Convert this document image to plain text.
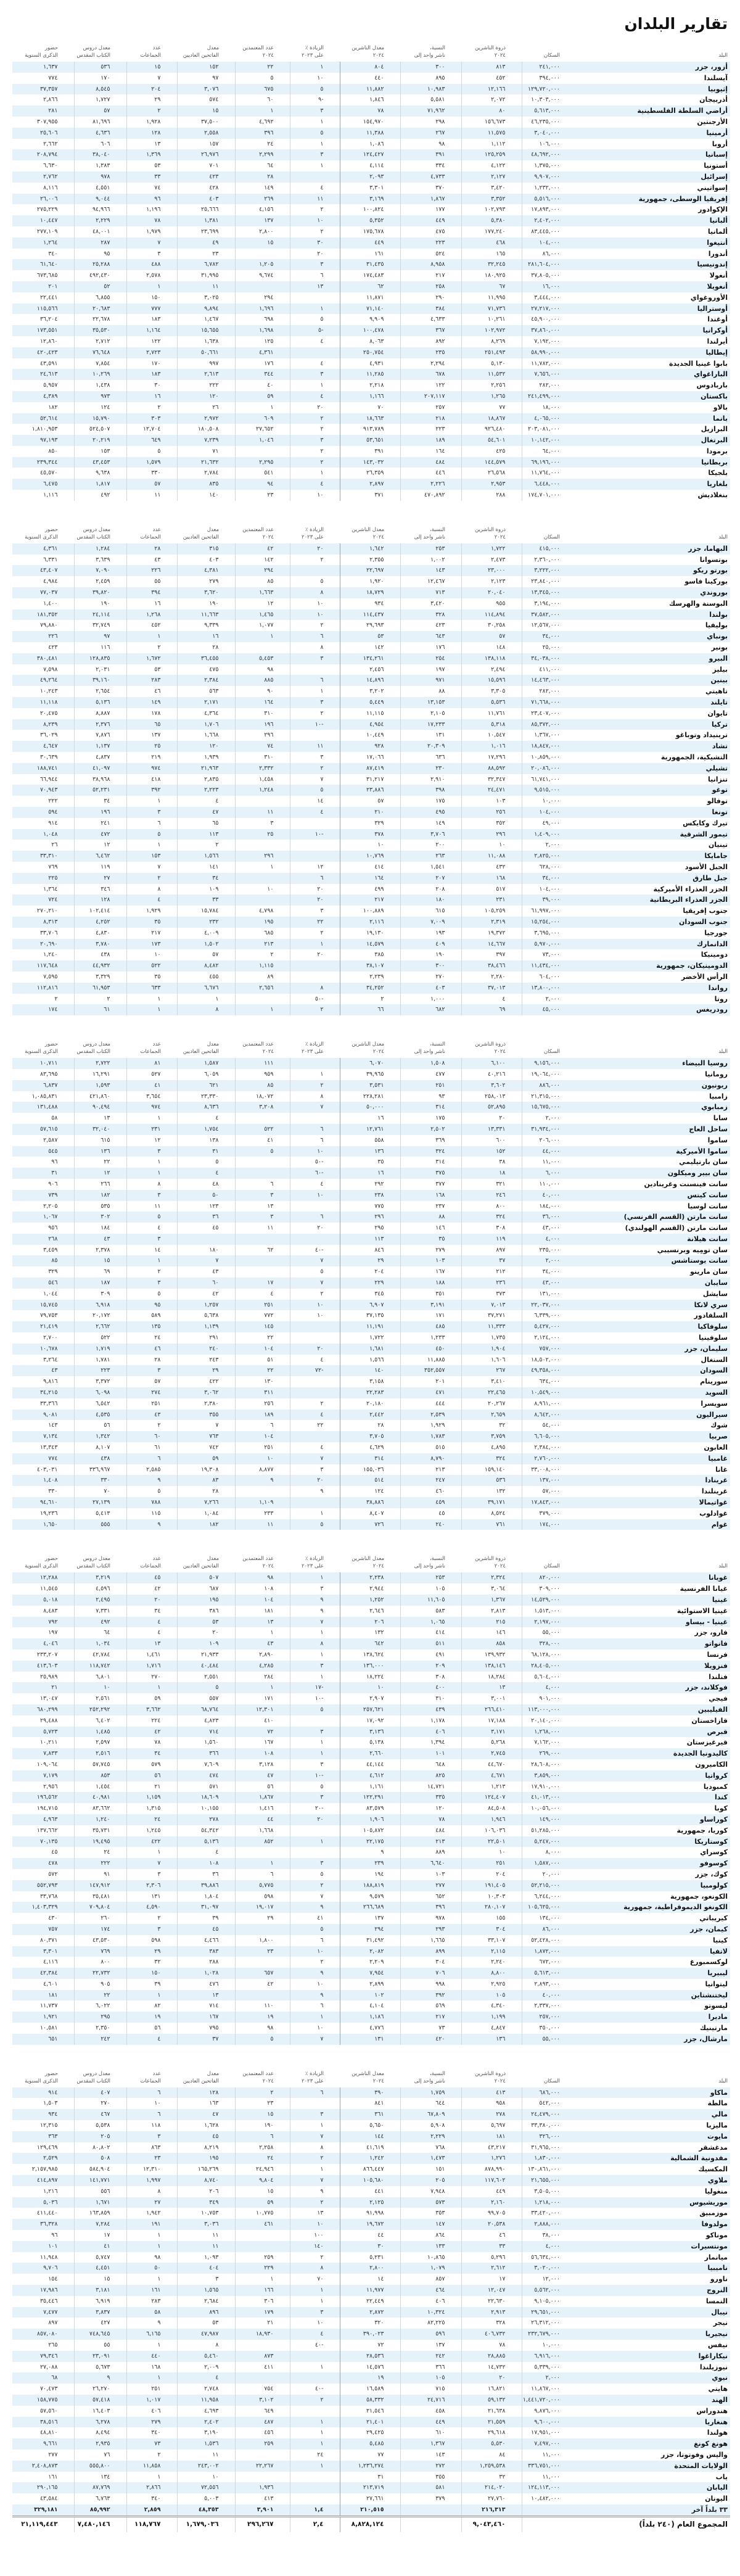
تقارير البلدان
البلد	السكان	ذروة الناشرين
٢٠٢٤	النسبة،
ناشر واحد إلى	معدل الناشرين
٢٠٢٤	الزيادة ٪
على ٢٠٢٣	عدد المعتمدين
٢٠٢٤	معدل
الفاتحين العاديين	عدد
الجماعات	معدل دروس
الكتاب المقدس	حضور
الذكرى السنوية
أزور، جزر	٢٤١,٠٠٠	٨١٣	٣٠٠	٨٠٤	١	٢٢	١٥٢	١٥	٥٣٦	١,٦٣٧
آيسلندا	٣٩٤,٠٠٠	٤٥٢	٨٩٥	٤٤٠	١٠	٥	٩٧	٧	١٧٠	٧٧٤
إثيوبيا	١٢٩,٧٢٠,٠٠٠	١٢,١٦٦	١٠,٩٨٣	١١,٨٨٢	٥	٦٧٥	٣,٠٧٦	٢٠٤	٨,٥٤٥	٣٧,٣٥٧
أذربيجان	١٠,٣٠٣,٠٠٠	٢,٠٧٢	٥,٥٨١	١,٨٤٦	-٩	٦٠	٥٧٤	٢٩	١,٧٢٧	٢,٨٦٦
أراضي السلطة الفلسطينية	٥,٦١٣,٠٠٠	٨٠	٧١,٩٦٢	٧٨	٣	١	١٥	٢	٥٧	٢٨١
الأرجنتين	٤٦,٢٣٥,٠٠٠	١٥٦,٦٧٣	٢٩٨	١٥٤,٩٧٠	١	٤,٦٩٢	٣٧,٥٠٠	١,٩٢٨	٨١,٦٩٦	٣٠٧,٩٥٥
أرمينيا	٣,٠٤٠,٠٠٠	١١,٥٧٥	٢٦٧	١١,٣٨٨	٥	٣٩٦	٢,٥٥٨	١٢٨	٤,٦٣٦	٢٥,٦٠٦
أروبا	١٠٦,٠٠٠	١,١١٢	٩٨	١,٠٨٦	١	٢٤	١٥٧	١٣	٦٠٦	٢,٦٦٢
إسبانيا	٤٨,٦٩٢,٠٠٠	١٢٥,٢٥٩	٣٩١	١٢٤,٤٢٧	٣	٢,٢٩٩	٢٦,٩٧٦	١,٣٦٩	٣٨,٠٤٠	٢٠٨,٧٩٤
أستونيا	١,٣٧٥,٠٠٠	٤,١٢٢	٣٣٤	٤,١١٤	١	٦٤	٧٠١	٥٣	١,٣٨٣	٦,٦٣٠
إسرائيل	٩,٩٠٧,٠٠٠	٢,١٢٧	٤,٧٣٣	٢,٠٩٣		٢٨	٤٢٣	٣٣	٩٧٨	٢,٧٦٢
إسواتيني	١,٢٣٢,٠٠٠	٣,٤٢٠	٣٧٠	٣,٣٠١	٤	١٤٩	٤٢٨	٧٤	٤,٥٥١	٨,١١٦
إفريقيا الوسطى، جمهورية	٥,٥١٦,٠٠٠	٣,٣٥٢	١,٨٦٧	٣,١٦٩	١١	٢٦٩	٤٠٣	٩٦	٩,٠٤٤	٢٦,٠٠٦
الإكوادور	١٧,٨٩٣,٠٠٠	١٠٢,٧٩٣	١٧٧	١٠٠,٨٢٤	٢	٤,١٥٦	٢٥,٦٦٦	١,١٩٦	٩٤,٩٦٦	٢٧٥,٢٢٩
ألبانيا	٢,٤٠٢,٠٠٠	٥,٣٨٠	٤٤٩	٥,٣٥٢	١٠	١٣٧	١,٣٨١	٧٨	٢,٢٢٩	١٠,٤٤٧
ألمانيا	٨٣,٤٤٥,٠٠٠	١٧٧,٢٤٠	٤٧٥	١٧٥,٦٧٨	٢	٢,٨٠٠	٢٣,٦٩٩	١,٩٧٩	٤٨,٠٠١	٢٧٧,١٠٩
أنتيغوا	١٠٤,٠٠٠	٤٦٨	٢٢٣	٤٤٩	٣٠	١٥	٤٩	٧	٢٨٧	١,٢٦٤
أندورا	٨٦,٠٠٠	١٦٥	٥٢٤	١٦١	٢٠		٢٣	٣	٩٥	٣٤٠
إندونيسيا	٢٨١,٦٠٤,٠٠٠	٣٢,٢٤٥	٨,٩٥٨	٣١,٤٣٥	٣	١,٢٠٥	٦,٧٨٢	٤٨٨	٢٥,٢٨٨	٦١,٦٤٠
أنغولا	٣٧,٨٠٥,٠٠٠	١٨٠,٩٢٥	٢١٧	١٧٤,٤٨٣	٦	٩,٦٧٤	٣١,٩٩٥	٢,٥٧٨	٤٩٢,٤٣٠	٦٧٣,٦٨٥
أنغويلا	١٦,٠٠٠	٦٧	٢٥٨	٦٢	١٣		١١	١	٥٢	٢٠١
الأوروغواي	٣,٤٤٤,٠٠٠	١١,٩٩٥	٢٩٠	١١,٨٧١		٢٩٤	٣,٠٢٥	١٥٠	٦,٨٥٥	٢٢,٤٤١
أوستراليا	٢٧,٢١٧,٠٠٠	٧١,٧٣٦	٣٨٤	٧١,١٤٠	١	١,٦٩٦	٩,٨٩٤	٧٧٧	٢٠,٦٨٣	١١٥,٥٦٦
أوغندا	٤٥,٩٠٠,٠٠٠	١٠,٢٦١	٤,٦٣٣	٩,٩٠٩	٥	٦٩٨	١,٤٦٧	١٨٣	٢٢,٦٧٨	٣٦,٢٠٤
أوكرانيا	٣٧,٨٦٠,٠٠٠	١٠٢,٩٧٢	٣٦٧	١٠٠,٤٧٨	-٥	١,٦٩٨	١٥,٦٥٥	١,١٦٤	٣٥,٥٣٠	١٧٣,٥٥١
أيرلندا	٧,١٩٢,٠٠٠	٨,٢٦٩	٨٩٢	٨,٠٦٣	٤	١٢٥	١,٦٣٨	١٢٢	٢,٧١٢	١٢,٨٦٠
إيطاليا	٥٨,٩٩٠,٠٠٠	٢٥١,٤٩٣	٢٣٥	٢٥٠,٧٥٤		٤,٣٦١	٥٠,٦٦١	٢,٧٢٣	٧٦,٦٤٨	٤٢٠,٤٢٣
بابوا غينيا الجديدة	١١,٧٨٢,٠٠٠	٥,١٣٠	٢,٢٩٤	٤,٩٣١	٤	١٧٦	٩٩٧	١٧٠	٧,٨٥٤	٤٣,٥٩١
الباراغواي	٧,٦٥٦,٠٠٠	١١,٥٣٢	٦٧٨	١١,٢٨٥	٣	٣٤٤	٢,٦١٣	١٨٣	١٠,٢٦٩	٢٤,٦١٣
باربادوس	٢٨٢,٠٠٠	٢,٢٥٦	١٢٢	٢,٢١٨	١	٤٠	٢٢٢	٣٠	١,٤٣٨	٥,٩٥٧
باكستان	٢٤١,٤٩٩,٠٠٠	١,٢٦٥	٢٠٧,١١٧	١,١٦٦	٤	٥٩	١٢٠	١٦	٩٧٣	٤,٣٨٩
بالاو	١٨,٠٠٠	٧٧	٢٥٧	٧٠	٢٠	١	٢٦	٢	١٢٤	١٨٢
بانما	٤,٠٦٥,٠٠٠	١٨,٨٦٧	٢١٨	١٨,٦٦٣	٢	٦٠٩	٢,٩٧٢	٣٠٣	١٥,٧٩٠	٥٢,٦١٤
البرازيل	٢٠٣,٠٨١,٠٠٠	٩٢٦,٤٨٠	٢٢٣	٩١٣,٧٨٩	٢	٢٧,٦٥٢	١٨٠,٥٠٨	١٢,٧٠٤	٥٢٤,٥٠٧	١,٨١٠,٩٥٣
البرتغال	١٠,١٤٢,٠٠٠	٥٤,٦٠١	١٨٩	٥٣,٦٥١	٣	١,٠٤٦	٧,٢٣٩	٦٤٩	٢٠,٢١٩	٩٧,١٩٣
برمودا	٦٤,٠٠٠	٤٢٥	١٦٤	٣٩١	٢		٧١	٥	١٥٣	٨٥٠
بريطانيا	٦٩,١٩٦,٠٠٠	١٤٤,٥٧٩	٤٨٤	١٤٣,٠٣٢	٢	٢,٢٩٥	٢١,٦٣٢	١,٥٧٩	٤٣,٤٥٣	٢٣٩,٣٤٤
بلجيكا	١١,٧٦٤,٠٠٠	٢٦,٥٦٨	٤٤٦	٢٦,٣٥٩	١	٥٤١	٢,٧٨٤	٣٣٠	٩,٦٣٨	٤٥,٥٧٠
بلغاريا	٦,٤٤٨,٠٠٠	٢,٩٥٣	٢,٢٢٦	٢,٨٩٧	٤	٩٤	٨٣٥	٥٧	١,٨١٧	٦,٤٧٥
بنغلاديش	١٧٤,٧٠١,٠٠٠	٢٨٨	٤٧٠,٨٩٢	٣٧١	١٠	٢٣	١٤٠	١١	٤٩٢	١,١١٦
البلد	السكان	ذروة الناشرين
٢٠٢٤	النسبة،
ناشر واحد إلى	معدل الناشرين
٢٠٢٤	الزيادة ٪
على ٢٠٢٣	عدد المعتمدين
٢٠٢٤	معدل
الفاتحين العاديين	عدد
الجماعات	معدل دروس
الكتاب المقدس	حضور
الذكرى السنوية
البهاما، جزر	٤١٥,٠٠٠	١,٧٢٢	٢٥٣	١,٦٤٢	٢٠	٤٢	٣١٥	٢٨	١,٢٨٤	٤,٣٦١
بوتسوانا	٢,٣٦٠,٠٠٠	٢,٤٧٣	١,٠٠٢	٢,٣٥٥	٢	١٤٢	٤٠٣	٤٣	٣,٦٣٩	٦,٣٣١
بورتو ريكو	٣,٢٢٢,٠٠٠	٢٣,٠٠٠	١٤٣	٢٢,٦٩٧		٢٩٤	٤,٣٨١	٢٢٦	٧,٠٩٠	٤٣,٤٠٧
بوركينا فاسو	٢٣,٨٤٠,٠٠٠	٢,١٢٣	١٢,٤٦٧	١,٩٢٠	٥	٨٥	٢٧٩	٥٥	٢,٤٥٩	٤,٩٨٤
بوروندي	١٣,٣٤٥,٠٠٠	٢٠,٠٤٠	٧١٣	١٨,٧٢٩	٨	١,٦٦٣	٣,٦٢٠	٣٩٤	٣٩,٨٢٠	٧٧,٠٣٧
البوسنة والهرسك	٣,١٩٤,٠٠٠	٩٥٥	٣,٤٢٠	٩٣٤	١٠	١٢	١٩٠	١٦	١٩٠	١,٤٠٠
بولندا	٣٧,٥٨٢,٠٠٠	١١٤,٨٩٤	٣٢٨	١١٤,٤٣٧	١٠	١,٤٦٥	١١,٦٦٣	١,٢٦٨	٢٤,١١٤	١٨١,٣٥٢
بوليفيا	١٢,٥٦٧,٠٠٠	٣٠,٢٥٨	٤٢٣	٢٩,٦٩٣	٢	١,٠٧٧	٩,٣٣٩	٤٥٢	٣٢,٧٤٩	٧٩,٨٨٠
بونباي	٣٤,٠٠٠	٥٧	٦٤٣	٥٣	٦	١	١٦	١	٩٧	٢٢٦
بونير	٢٥,٠٠٠	١٤٨	١٧٦	١٤٢	٨		٢٨	٢	١١٦	٤٢٣
البيرو	٣٤,٠٣٨,٠٠٠	١٣٨,١١٨	٢٥٤	١٣٤,٢٦١	٣	٥,٤٥٣	٣٦,٤٥٥	١,٦٧٢	١٢٨,٨٣٥	٣٨٠,٤٨١
بيليز	٤١١,٠٠٠	٢,٤٩٤	١٩٧	٢,٤٥٦		٩٨	٤٧٥	٥٣	٢,٠٣١	٧,٥٩٨
بينين	١٤,٤٦٣,٠٠٠	١٥,٥٩٦	٩٧١	١٤,٨٩٦	٦	٨٨٥	٢,٣٨٤	٢٨٣	٣٩,١٦٠	٤٩,٢٦٤
تاهيتي	٢٨٢,٠٠٠	٣,٣٠٥	٨٨	٣,٢٠٢	١	٩٠	٥٦٣	٤٦	٢,٦٥٤	١٠,٢٤٣
تايلند	٧١,٦٦٨,٠٠٠	٥,٥٣٦	١٣,١٥٣	٥,٤٤٩	٣	١٦٤	٢,١٧١	١٤٩	٥,١٣٦	١١,١١٨
تايوان	٢٣,٤٠٧,٠٠٠	١١,٧٦١	٢,١٠٥	١١,١١٥	٢	٣١٠	٤,٣٦٤	١٧٨	٨,٨٨٧	٢٠,٤٧٥
تركيا	٨٥,٣٧٢,٠٠٠	٥,٣١٨	١٧,٢٣٣	٤,٩٥٤	-١٠	١٩٦	١,٧٠٦	٦٥	٢,٣٧٦	٨,٢٣٩
ترينيداد وتوباغو	١,٣٦٧,٠٠٠	١٠,٥٤٧	١٣١	١٠,٤٤٩		٢٩٦	١,٦٦٨	١٣٧	٧,٨٧٦	٣٦,٠٢٩
تشاد	١٨,٨٤٧,٠٠٠	١,٠١٦	٢٠,٣٠٩	٩٢٨	١١	٧٤	١٢٠	٢٥	١,١٣٧	٤,٦٤٧
التشيكية، الجمهورية	١٠,٨٥٩,٠٠٠	١٧,٢٩٦	٦٣٦	١٧,٠٦٦	٣	٣١٠	١,٩٣٩	٢١٩	٤,٨٣٧	٣٠,٦٣٩
تشيلي	٢٠,٠٨٦,٠٠٠	٨٨,٥٩٢	٢٣٠	٨٧,٤١٩	٢	٢,٣٣٢	٢١,٩٦٣	٩٧٤	٤١,٠٩٧	١٨٨,٧٤١
تنزانيا	٦١,٧٤١,٠٠٠	٣٢,٣٤٧	٢,٩١٠	٣١,٢١٧	٧	١,٤٥٨	٢,٨٣٥	٤١٨	٣٨,٩٦٨	٦٦,٩٤٤
توغو	٩,٥١٥,٠٠٠	٢٤,٤٧١	٣٩٨	٢٣,٨٨٦	٥	١,٢٤٨	٢,٢٢٣	٣٩٢	٥٢,٢٣١	٧٠,٩٤٣
توفالو	١٠,٠٠٠	١٠٣	١٧٥	٥٧	١٤		٤	١	٣٤	٢٢٢
تونغا	١٠٤,٠٠٠	٢٥٦	٤٩٥	٢١٠	٤	١١	٤٧	٣	١٩٦	٥٩٤
تيرك وكايكس	٤٩,٠٠٠	٣٥٢	١٤٩	٣٢٩		٣	٦٥	٦	٢٤١	٩١٤
تيمور الشرقية	١,٤٠٩,٠٠٠	٢٩٦	٣,٧٠٦	٣٧٨	-١٠	٢٥	١١٣	٥	٤٧٢	١,٠٤٨
تينيان	٢,٠٠٠	١٠	٢٠٠	١٠			٢	١	١٢	٢٦
جامايكا	٢,٨٢٥,٠٠٠	١١,٠٨٨	٢٦٣	١٠,٧٦٩		٢٩٦	١,٥٦٦	١٥٣	٦,٤٦٢	٣٣,٣١٠
الجبل الأسود	٦٢٨,٠٠٠	٤٣٢	١,٥٤١	٤١٤	١٢	١	١٤١	٧	١١٩	٧٦٩
جبل طارق	٣٤,٠٠٠	١٦٨	٢٠٧	١٦٤	٦		٣٤	٢	٢٧	٢٢٥
الجزر العذراء الأميركية	١٠٤,٠٠٠	٥١٧	٢٠٨	٤٩٩	٢٠	١٠	١٠٩	٨	٣٤٦	١,٣٦٤
الجزر العذراء البريطانية	٣٩,٠٠٠	٢٣١	١٨٠	٢١٧	٢٠		٣٣	٤	١٢٨	٧٢٤
جنوب إفريقيا	٦١,٩٩٧,٠٠٠	١٠٥,٢٥٩	٦١٥	١٠٠,٨٨٩	٣	٤,٧٩٨	١٥,٧٨٤	١,٩٢٩	١٠٢,٤١٤	٢٧٠,٢١٠
جنوب السودان	١٥,٢٥٤,٠٠٠	٢,٣١٩	٧,٠٠٩	٢,١١٦	٢٢	١٩٥	٢٣٢	٣٥	٤,٢٥٢	٨,٣١٣
جورجيا	٣,٦٩٥,٠٠٠	١٩,٣٧٢	١٩٣	١٩,١٣٠	٢	٦٨٥	٤,٠٠٩	٢١٧	٤,٨٣٠	٣٣,٧٠٦
الدانمارك	٥,٩٧٠,٠٠٠	١٤,٦٦٧	٤٠٩	١٤,٥٧٩	١	٢١٣	١,٥٠٢	١٧٣	٣,٧٨٠	٢٠,٦٩٠
دومينيكا	٧٣,٠٠٠	٣٩٧	١٩٠	٣٨٥	٢٠	٢	٥٧	١٠	٤٣٨	١,٢٤٠
الدومينيكان، جمهورية	١١,٤٣٤,٠٠٠	٣٨,٤٦٦	٣٠٠	٣٨,١٠٧		١,١١٥	٨,٤٨٢	٥٢٢	٤٤,٩٣٢	١١٧,٦٤٨
الرأس الأخضر	٦٠٤,٠٠٠	٢,٢٨٠	٢٧٠	٢,٢٣٩		٨٩	٤٥٥	٣٥	٣,٣٢٩	٧,٥٩٥
رواندا	١٣,٨٠٠,٠٠٠	٣٧,٠١٣	٤٠٣	٣٤,٢٥٢	٨	٢,٦٥٦	٦,٦٧٦	٦٣٣	٦١,٩٥٣	١١٢,٨١٦
روتا	٢,٠٠٠	٤	١,٠٠٠	٢	-٥٠		١	١	٢	٢
رودريغس	٤٥,٠٠٠	٦٩	٦٨٢	٦٦	٢	١	٨	١	٦١	١٧٤
البلد	السكان	ذروة الناشرين
٢٠٢٤	النسبة،
ناشر واحد إلى	معدل الناشرين
٢٠٢٤	الزيادة ٪
على ٢٠٢٣	عدد المعتمدين
٢٠٢٤	معدل
الفاتحين العاديين	عدد
الجماعات	معدل دروس
الكتاب المقدس	حضور
الذكرى السنوية
روسيا البيضاء	٩,١٥٦,٠٠٠	٦,١٠٠	١,٥٠٨	٦,٠٧٠		١١١	١,٥٨٧	٨١	٢,٧٢٢	١٠,٧١١
رومانيا	١٩,٠٦٤,٠٠٠	٤٠,٢١٦	٤٧٧	٣٩,٩٦٥	١	٩٥٩	٦,٠٥٩	٥٢٧	١٦,٢٩١	٨٣,٦٩٥
ريونيون	٨٨٦,٠٠٠	٣,٦٠٢	٢٥١	٣,٥٣١	٢	٨٥	٦٢١	٤١	١,٥٩٣	٦,٨٣٧
زامبيا	٢١,٣١٥,٠٠٠	٢٥٨,٠١٣	٩٣	٢٢٨,٢٨١	٨	١٨,٠٧٢	٢٣,٣٣٠	٣,٦٥٤	٤٢١,٨٦٠	١,٠٨٥,٨٣١
زمبابوي	١٥,٦٧٥,٠٠٠	٥٢,٨٩٥	٣١٤	٥٠,٠٠٠	٧	٣,٢٠٨	٨,٦٣٦	٩٧٤	٩٠,٤٩٤	١٣١,٤٨٨
سابا	٢,٠٠٠	٢٠	١٧٥	١٦			٤	١	١٣	٥٨
ساحل العاج	٣١,٩٣٤,٠٠٠	١٣,٣٣١	٢,٥٠٢	١٢,٧٦١	٦	٥٢٢	١,٧٥٤	٢٣١	٣٢,٠٤٠	٥٧,٦١٥
ساموا	٢٠٦,٠٠٠	٦٠٠	٣٦٩	٥٥٨	٦	٤١	١٣٨	١٢	٦١٥	٢,٥٨٧
ساموا الأميركية	٤٤,٠٠٠	١٥٢	٣٢٤	١٣٦	١٠	٥	٣١	٣	١٣٦	٥٤٥
سان بارتيليمي	١١,٠٠٠	٣٨	٣١٤	٣٥	-٥٠		٥	١	٢٢	٩٦
سان بيير وميكلون	٦,٠٠٠	١٨	٣٧٥	١٦	-٦٠		٤	١	١٢	٣١
سانت فينسنت وغرينادين	١١٠,٠٠٠	٣٢١	٣٧٧	٢٩٢	٤	٦	٤٨	٨	٢٦٦	٩٠٦
سانت كيتس	٤٠,٠٠٠	٢٤٦	١٦٨	٢٣٨	١٠	٣	٥٠	٣	١٨٢	٧٣٩
سانت لوسيا	١٨٤,٠٠٠	٨٠٠	٢٣٧	٧٧٥		١٣	١٢٣	١١	٥٣٥	٢,٢٠٥
سانت مارتن (القسم الفرنسي)	٣٦,٠٠٠	٣٢٤	٨٨	٢٩٦	٦	٣	٣٦	٥	٣٠٢	١,٠٦٧
سانت مارتن (القسم الهولندي)	٤٣,٠٠٠	٣٠٨	١٤٦	٢٩٥	٢٠	١١	٤٥	٤	١٨٤	٩٥٦
سانت هيلانة	٤,٠٠٠	١١٩	٣٥	١١٣				٣	٤٣	٢٦٨
سان تومِيه وبرنسيبي	٢٣٥,٠٠٠	٨٩٧	٢٧٩	٨٤٦	-٤٠	٦٢	١٨٠	١٤	٢,٣٧٨	٣,٤٥٩
سانت يوستاشس	٢,٠٠٠	٣٧	١٠٣	٢٩	٧		٧	١	١٥	٨٥
سان مارينو	٣٤,٠٠٠	٢١٢	١٦٧	٢٠٤	٥		٤٣	٢	٦٩	٣٢٩
سايبان	٤٣,٠٠٠	٢٣٦	١٨٨	٢٢٩	٧	١٧	٦٠	٣	١٨٧	٥٤٦
سايشل	١٣١,٠٠٠	٣٧٣	٣٥١	٣٤٥	٢	٤	٤٢	٥	٣٠٩	١,٠٤٤
سري لانكا	٢٢,٠٣٧,٠٠٠	٧,٠١٣	٣,١٩١	٦,٩٠٧	١٠	٢٥١	١,٢٥٧	٩٥	٦,٩١٨	١٥,٧٤٥
السلفادور	٦,٣٣٩,٠٠٠	٣٧,٢٧١	١٧١	٣٧,١٣٥	١٠	٧٧٢	٥,٦٣٨	٥٨٩	٢٠,١٧٢	٧٩,٧٥٣
سلوفاكيا	٥,٤٢٧,٠٠٠	١١,٣٣٣	٤٨٥	١١,١٩١		١٤٥	١,١٣٩	١٣٥	٢,٦٦٢	٢١,٤١٩
سلوفينيا	٢,١٢٤,٠٠٠	١,٧٣٥	١,٢٣٣	١,٧٢٢		٢٢	٢٩١	٢٤	٥٢٢	٢,٧٠٠
سليمان، جزر	٧٥٧,٠٠٠	١,٩٠٤	٤٥٠	١,٦٨١	٢٠	١٠٤	٢٤٠	٤٦	١,٧١٩	١٠,٦٧٨
السنغال	١٨,٥٠٢,٠٠٠	١,٦٠٦	١١,٨٨٥	١,٥٦٦	٤	٥١	٢٤٣	٢٨	١,٧٨١	٣,٢٦٤
السودان	٤٩,٣٥٨,٠٠٠	٢٦٧	٣٥٢,٥٥٧	١٤٠	-٧٢	٢٢	٢٩	٣	٢٢٣	٤٣
سورينام	٦٣٤,٠٠٠	٣,٤١٠	٢٠١	٣,١٥٨		١٣٠	٤٢٢	٥٧	٣,٣٧٢	٩,٨١٦
السويد	١٠,٥٤٩,٠٠٠	٢٢,٤٦٥	٤٧١	٢٢,٢٨٣		٣١١	٣,٠٦٢	٢٧٤	٦,٠٩٨	٣٤,٢١٥
سويسرا	٨,٩٦١,٠٠٠	٢٠,٢٦٧	٤٤٤	٢٠,١٨٠	٢	٢٥٦	٢,٣٨٠	٢٥١	٦,٥٤٢	٣٣,٣٦٦
سيراليون	٨,٦٤٢,٠٠٠	٢,٦٥٩	٢,٥٣٩	٢,٤٤٢	٤	١٨٩	٣٥٥	٤٣	٤,٥٣٥	٩,٠٨١
شوك	٥٤,٠٠٠	٣٢	١,٩٢٩	٢٨	٢٢	٦	٧	٢	٥٦	١٤٣
صربيا	٦,٦٠٥,٠٠٠	٣,٧٥٩	١,٧٨٣	٣,٧٠٥		١٠٤	٧٦٣	٦٠	١,٣٤٢	٧,١٣٤
الغابون	٢,٣٨٤,٠٠٠	٤,٨٩٥	٥١٥	٤,٦٢٩	٤	٢٥١	٧٤٢	٦١	٨,١٠٧	١٣,٣٤٣
غامبيا	٢,٧٦٠,٠٠٠	٣٢٤	٨,٧٩٠	٣١٤	٧	١٠	٥٩	٦	٤٣٨	٧٧٤
غانا	٣٣,٠٠٨,٠٠٠	١٥٩,١٤٠	٢١٣	١٥٥,٠٣٦	٣	٨,٨٧٧	١٩,٣٠٨	٢,٥٨٥	٣٣٦,٩٦٧	٤٠٣,٠٣١
غرينادا	١٣٧,٠٠٠	٥٣٦	٢٤٧	٥١٤	٢٠	٩	٨٣	٩	٣٣٠	١,٤٠٨
غرينلندا	٥٧,٠٠٠	١٣٢	٤٦٠	١٢٤	٩		٢٨	٥	٧٠	٣٣٠
غواتيمالا	١٧,٨٤٣,٠٠٠	٣٩,١٧١	٤٥٩	٣٨,٨٨٦		١,١٠٩	٧,٢٦٦	٧٨٨	٢٧,١٣٩	٩٤,٦١٠
غوادلوب	٣٧٩,٠٠٠	٨,٥٢٤	٤٥	٨,٤٠٧	١	٢٣٣	١,٠٨٤	١١٥	٥,٤١٣	١٩,٢٣٦
غوام	١٧٤,٠٠٠	٧٦١	٢٤٠	٧٢٦	٥	١١	١٨٢	٩	٥٥٥	١,٦٥٠
البلد	السكان	ذروة الناشرين
٢٠٢٤	النسبة،
ناشر واحد إلى	معدل الناشرين
٢٠٢٤	الزيادة ٪
على ٢٠٢٣	عدد المعتمدين
٢٠٢٤	معدل
الفاتحين العاديين	عدد
الجماعات	معدل دروس
الكتاب المقدس	حضور
الذكرى السنوية
غويانا	٨٢٠,٠٠٠	٢,٣٢٤	٢٥٣	٢,٢٣٨	١	٩٨	٥٠٧	٤٥	٣,٢١٩	١٢,٢٨٨
غيانا الفرنسية	٣٠٩,٠٠٠	٣,٠٦٤	١٠٥	٢,٩٤٤	٣	١٠٨	٦٨٧	٤٢	٤,٥٩٦	١١,٥٤٥
غينيا	١٤,٥٢٩,٠٠٠	١,٣٦٧	١١,٦٠٥	١,٢٥٢	٩	١٠٤	١٩٥	٢٠	٢,٤٩٥	٥,٠١٨
غينيا الاستوائية	١,٥١٣,٠٠٠	٢,٨١٣	٥٨٣	٢,٦٤٦	٩	١٨١	٣٨٦	٣٤	٧,٣٣١	٨,٤٨٣
غينيا - بيساو	٢,١٩٧,٠٠٠	٢١٥	١,٠٦٥	٢٠٦	٧	١٣	٥٣	٤	٤٩٢	٧٩٢
فارو، جزر	٥٥,٠٠٠	١٤٦	٤١٤	١٣٢	١	١	٢٠	٤	٦٤	١٩٧
فانواتو	٣٢٨,٠٠٠	٨٥٨	٥١١	٦٤٢	٨	٤٣	١٠٩	١٣	١,٠٣٤	٤,٠٤٦
فرنسا	٦٨,١٢٨,٠٠٠	١٣٩,٩٣٢	٤٩١	١٣٨,٦٢٤	١	٢,٨٩٠	٢١,٩٣٣	١,٤٦١	٤٢,٧٨٤	٢٣٣,٢٠٧
فنزويلا	٢٨,٤٠٥,٠٠٠	١٣٨,١٤٦	٢٠٩	١٣٦,٠٠٠	٣	٤,٢٨٥	٤٠,٤٨٤	١,٧١٦	١١٨,٧٤٢	٤١٣,٦٠٣
فنلندا	٥,٦٠٤,٠٠٠	١٨,٢٨٤	٣٠٨	١٨,٢٢٤	١	٢٨٤	٢,٥٥١	٢٧٠	٦,٨٠١	٢٥,٩٨٩
فوكلاند، جزر	٤,٠٠٠	١٣	٤٠٠	١٠	-١٧	١	٥	١	١٠	٢١
فيجي	٩٠١,٠٠٠	٣,٠٠١	٣١٠	٢,٩٠٧	-١٠	١٧١	٥٥٧	٥٩	٢,٥٦١	١٣,٠٤٧
الفيليبين	١١٣,٠٠٠,٠٠٠	٢٦٦,٤١٠	٤٣٩	٢٥٧,٦٢١	٥	١٢,٣٠١	٦٨,٧٦٤	٣,٦٦٢	٢٥٢,٢٩٢	٦٨٠,٢٩٩
قازاخستان	٢٠,١٤٠,٠٠٠	١٧,١٨٨	١,١٧٨	١٧,٠٩٢		٤١٠	٤,٨٢٣	٢٢٤	٦,٤٠٢	٢٩,٤٨٨
قبرص	١,٢٦٨,٠٠٠	٣,١٧١	٤٠٦	٣,١٣٦	٣	٧٢	٧١٤	٤٢	١,٤٨٥	٥,٧٢٣
قيرغيزستان	٧,١٦٢,٠٠٠	٥,٢٦٨	١,٣٩٤	٥,١٣٨	١	١٦٧	١,٥٦٠	٧٨	٢,٥٩٧	١٠,٢١١
كاليدونيا الجديدة	٢٦٩,٠٠٠	٢,٧٤٥	١٠١	٢,٦٦٠	١	١٠٨	٣٦٦	٣٤	٢,٥١٦	٧,٨٣٣
الكاميرون	٢٨,٦٠٨,٠٠٠	٤٤,٦٧٠	٦٤٨	٤٤,١٤٤	٣	٣,١٢٨	٧,٦٠٩	٥٧٩	٥٧,٧٤٥	١٠٩,٠٦٤
كرواتيا	٣,٨٥٩,٠٠٠	٤,٦٧١	٨٢٥	٤,٦١٢	-١٠	٤٧	٤٧٤	٥٦	٨٥٣	٧,١٧٩
كمبوديا	١٧,٩١٠,٠٠٠	١,٢١٣	١٤,٧٢١	١,١٦١	٥	٥٦	٥٧١	٢١	١,٤٥٤	٢,٩٥٦
كندا	٤١,٠١٣,٠٠٠	١٢٤,٤٠٧	٣٣٥	١٢٢,٢٩١	٣	١,٨٦٧	١٨,٦٠٩	١,١٥٩	٤٠,٩٨١	١٩٦,٥٦٢
كوبا	١٠,٠٥٦,٠٠٠	٨٤,٥٠٨	١٢٠	٨٣,٥٧٩	-٢٠	١,٤١٦	١٠,١٥٥	١,٣١٥	٨٣,٦٦٢	١٩٤,٧١٥
كوراساو	١٤٩,٠٠٠	١,٩٤٦	٧٨	١,٩٠٦	٢٠	٤٤	٢٧٨	٢٤	١,٢٤٠	٤,٩٦٣
كوريا، جمهورية	٥١,٢٨٥,٠٠٠	١٠٦,٠٣٦	٤٨٤	١٠٥,٨٧٢		١,٦٦٨	٥٤,٣٤٢	١,٢٤٥	٣٥,٧٣١	١٣٧,٦٦٢
كوستاريكا	٥,٢٤٧,٠٠٠	٢٢,٥٠١	٢١٣	٢٢,١٧٥	١	٨٥٢	٥,١٣٦	٤٢٢	١٩,٤٩٥	٧٠,١٣٥
كوسراي	٨,٠٠٠	١٠	٨٨٩	٩			٤	١	٢٤	٤٥
كوسوفو	١,٥٨٧,٠٠٠	٢٥١	٦,٦٤٠	٢٣٩	٣	١	١٠٨	٧	٢٢٢	٤٧٨
كوك، جزر	٢٠,٠٠٠	٢٠٤	١٠٣	١٩٤	٥	٦	٣٦	٣	٩١	٥٧٢
كولومبيا	٥٢,٢١٥,٠٠٠	١٩١,٤٠٥	٢٧٧	١٨٨,٨١٩	٢	٥,٧٧٥	٣٩,٨٨٦	٢,٣٠٦	١٤٧,٩١٢	٥٥٢,٧٩٣
الكونغو، جمهورية	٦,٢٤٤,٠٠٠	١٠,٣٠٣	٦٥٢	٩,٥٧٩	٧	٥٩٨	١,٨٠٤	١٣١	٣٥,٤٨١	٣٣,٧٦٨
الكونغو الديموقراطية، جمهورية	١٠٥,٦٢٥,٠٠٠	٢٨٠,١٠٧	٣٩٦	٢٦٦,٦٨٩	٩	١٩,٠١٧	٣١,٠٩٧	٤,٥٩٠	٧٠٩,٨٠٤	١,٤٠٣,٣٢٩
كيريباتي	١٣٤,٠٠٠	١٥٥	٩٧٨	١٣٧	٤١	٢٩	٣٩	٢	٢٦٠	٤٣٠
كيمان، جزر	٨٦,٠٠٠	٣٠٤	٢٩٣	٢٩٤	٥		٤٥	٣	١٧٤	٧٥٧
كينيا	٥٢,٤٢٨,٠٠٠	٣٣,١٠٧	١,٦٦٥	٣١,٤٩٢	٦	١,٨٠٠	٤,٤٦٦	٥٩٨	٤٣,٥٣٠	٨٠,٣٧١
لاتفيا	١,٨٧٢,٠٠٠	٢,١١٥	٨٩٩	٢,٠٨٢	١٠	٢٣	٣٨٣	٢٩	٧٦٩	٣,٣٠١
لوكسمبورغ	٦٧٢,٠٠٠	٢,٢٤٠	٣٠٤	٢,٢٠٩	٢		٢٨٨	٣٢	٨٠٠	٤,١١٦
ليبيريا	٥,٦١٣,٠٠٠	٨,٨٠٠	٧٠٦	٧,٩٥٤	٩	٦٥٧	١,٠٢٨	١٥٠	٢٢,٧٣٢	٤٢,٣٨٤
ليتوانيا	٢,٨٩٣,٠٠٠	٢,٩٢٥	٩٩٨	٢,٨٩٩	١٠	٤٢	٤٧٦	٣٩	٩٠٥	٤,٦٠١
ليختنشتاين	٤٠,٠٠٠	١٠٥	٣٩٢	١٠٢	٩		١٣	١	٢٢	١٨١
ليسوتو	٢,٣٣٧,٠٠٠	٤,٣٤٠	٥٦٩	٤,١٠٤	٦	١١٠	٧١٤	٨٢	٦,٠٢٢	١١,٧٣٧
ماديرا	٢٥٧,٠٠٠	١,١٩٩	٢١٧	١,١٨٦	١	١٩	١٦٧	١٩	٢٩٥	١,٩٢١
مارتينيك	٣٥٠,٠٠٠	٤,٨٤٧	٧٣	٤,٧٧٦	١٠	٩٨	٧٩٥	٥٦	٢,٣٥٠	١٠,٥٨١
مارشال، جزر	٥٥,٠٠٠	١٣٦	٤٢٠	١٣١	٧	٥	٣٧	٤	٢٤٢	٦٥١
البلد	السكان	ذروة الناشرين
٢٠٢٤	النسبة،
ناشر واحد إلى	معدل الناشرين
٢٠٢٤	الزيادة ٪
على ٢٠٢٣	عدد المعتمدين
٢٠٢٤	معدل
الفاتحين العاديين	عدد
الجماعات	معدل دروس
الكتاب المقدس	حضور
الذكرى السنوية
ماكاو	٦٨٦,٠٠٠	٤١٣	١,٧٥٩	٣٩٠	٦	٢	١٢٨	٦	٤٠٧	٩١٤
مالطة	٥٤٢,٠٠٠	٩٥٨	٦٤٤	٨٤١		٢٣	١٦٣	١٠	٢٧٠	١,٥٠٣
مالي	٢٤,٤٧٩,٠٠٠	٢٧٨	٦٧,٨٠٩	٣٦١	٣	١٥	٤٧	٦	٤٦٧	٩٣٤
ماليزيا	٣٣,٣٨٠,٠٠٠	٥,٦٩٧	٥,٩٠٨	٥,٦٥٠	١	١٩٠	١,٦٢٨	١١٨	٥,٥٣٨	١٢,٣١٥
مايوت	٣٢٦,٠٠٠	١٨١	٢,٢٢٩	١٤٤	٧	٦	٤٥	٣	٢٠٥	٣٦٣
مدغشقر	٣١,٩٦٥,٠٠٠	٤٣,٢١٧	٧٦٨	٤١,٦١٩	٨	٢,٢٥٨	٨,٢١٩	٨٦٣	٨٠,٨٠٢	١٢٩,٤٦٩
مقدونية الشمالية	١,٨٣٠,٠٠٠	١,٢٧٦	١,٤٧٣	١,٢٤٢	٢	٢٤	١٩٥	٢٣	٥٠٨	٢,٥٢٩
المكسيك	١٣٠,٨٦١,٠٠٠	٨٧٨,٩٩٠	١٥١	٨٦٦,٤٤٧	١	٢٤,٩٤٦	١٦٥,٢٦٩	١٢,٣١٠	٥٨٤,٩٠٤	٢,١٥٧,٩٨٥
ملاوي	٢١,٦٥٥,٠٠٠	١١٧,٦٠٢	٢٠٥	١٠٥,٦٨٠	٧	٩,٨٠٤	٨,٧٤٠	١,٩٩٧	١٤١,٧٧١	٤١٤,٨٩٧
منغوليا	٣,٥٠٥,٠٠٠	٤٤٩	٧,٩٤٨	٤٤١	٩	١٥	٢٠٦	٨	٥٥٦	١,٢١٦
موريشيوس	١,٢١٨,٠٠٠	٢,١٦٠	٥٧٣	٢,١٢٥	٢	٥٩	٣٤٩	٢٧	١,٦٧١	٥,٠٣٦
موزمبيق	٣٣,٤٢٠,٠٠٠	٩٩,٧٠٥	٣٥٣	٩١,٩٩٨	١٣	١٠,٧٧٥	١٠,٧٥٣	١,٩٤٢	١٦٣,٨٥٩	٤١١,٤٤٠
مولدوفا	٢,٨٨٨,٠٠٠	٢٠,٥٣٨	١٤٧	١٩,٦٧٢	١٠	٤٦١	٣,٠٣٦	١٩١	٧,٢٨٤	٣٦,٣٢٨
موناكو	٣٨,٠٠٠	٤٦	٨٦٤	٤٤	١٠٠		١١	١	١٧	٩٦
مونتسيرات	٤,٠٠٠	٣٣	١٣٣	٣٠	١٤٠		١١	١	٤١	١٠١
ميانمار	٥٦,٦٣٤,٠٠٠	٥,٢٩٦	١٠,٨٦٥	٥,٢٣١	٢	٢٥٩	١,٠٩٣	٩٨	٥,٧٤٧	١١,٩٤٨
ناميبيا	٣,٠٢٠,٠٠٠	٢,٦١٢	١,٠٧٩	٢,٨٠٠	٨	٢٢٩	٤٠٤	٥٠	٤,٤٥١	٩,٧٠٦
ناورو	١٢,٠٠٠	١٧	٨٥٧	١٤	٧٠	١	٣	١	١٥	١٥٤
النروج	٥,٥٦٢,٠٠٠	١٢,٠٤٧	٤٦٤	١١,٩٧٧	١	١٦٦	١,٥٦٥	١٦١	٣,١٨١	١٧,٩٨٦
النمسا	٩,١٠٥,٠٠٠	٢٢,٦٣٠	٤٠٦	٢٢,٤٤٩	١	٣٠٦	٢,٦٨٤	٢٨٣	٦,٩١٩	٣٥,٤٤٦
نيبال	٢٩,٦٥١,٠٠٠	٢,٩١٣	١٠,٣٢٤	٢,٨٧٢	٣	١٧٩	٨٩٦	٥٨	٣,٨٣٧	٧,٤٧٧
نيجر	٢٦,٣١٢,٠٠٠	٣٢٨	٨٢,٢٢٥	٣٢٠	١٠	٢١	٥٣	٩	٤٢٧	٨٩٧
نيجيريا	٢٣٢,٦٧٩,٠٠٠	٤٠٦,٧٣٢	٥٩٦	٣٩٠,٠٢٣	٤	١٨,٩٣٠	٤٧,٩٨٧	٦,١٦٥	٧٤٨,٦٤٥	٨٥٧,٠٨٠
نيفس	١٠,٠٠٠	٧٨	١٣٧	٧٢	-٤٠		٨	١	٥٥	٢٦٥
نيكاراغوا	٦,٩١٦,٠٠٠	٢٨,٨٨٥	٢٤٢	٢٨,٥٣٦		٨٧٣	٥,٤٦٠	٤٤٠	٢٣,٠٩١	٧٩,٣٤٦
نيوزيلندا	٥,٣٣٩,٠٠٠	١٤,٧٣٢	٣٦٦	١٤,٥٧٦	١	٤١١	٢,٠٠٩	١٦٨	٥,٦٧٣	٢٧,٠٨٨
نيوي	٢,٠٠٠	٢٠	١٠٥	١٩			٤	١	٩	٦٨
هايتي	١١,٨٦٧,٠٠٠	١٦,٨٢١	٧١٥	١٦,٥٨٩	-٤٠	٧٥٤	٢,٧٤٨	٢٥١	٢٦,٢٧٠	٧٠,٤٧٣
الهند	١,٤٤١,٧٢٠,٠٠٠	٥٩,١٣٢	٢٤,٧١٦	٥٨,٣٣٢	٢	٣,١٠٢	١١,٩٥٨	١,٠١٧	٥٧,٤١٨	١٥٨,٧٧٥
هندوراس	٩,٨٧٦,٠٠٠	٢١,٦٣٨	٤٥٨	٢١,٥٤٦		٦٤٩	٤,٦٩٣	٤٠٦	١٦,٤٠٣	٥٧,٥٦٠
هنغاريا	٩,٦٠٠,٠٠٠	٢١,٥٥٩	٤٤٩	٢١,٤٠١	١	٤٨٧	٢,٤٠٢	٢٧٩	٦,٢٧٨	٣٨,٥١٦
هولندا	١٧,٩٥١,٠٠٠	٢٩,٦١٨	٦١٠	٢٩,٤٢٥	١	٤٥٦	٣,١٩٠	٣٤٠	٨,٤٩٤	٤٨,٨١٠
هونغ كونغ	٧,٤٩٧,٠٠٠	٥,٥٣٠	١,٣٦٧	٥,٤٨٥	١	٢٥٩	١,٥٣٦	٧٣	٢,٩٣٥	٩,٦٦١
واليس وفوتونا، جزر	١١,٠٠٠	٨٤	١٤٣	٧٧	٢٤		١١	٢	٧٦	٢٧٧
الولايات المتحدة	٣٣٦,٧٥١,٠٠٠	١,٢٥٩,٥٣٨	٢٧٢	١,٢٣٦,٢٧٤	١	٢٢,٢٦٧	٢٤٣,٠٠٢	١١,٨٥٨	٥٥٥,٨٠٠	٢,٤٠٨,٨٧٣
ياب	١١,٠٠٠	٣٢	٣٥٥	٣١			١٠	١	١٣٤	١٦١
اليابان	١٢٤,١١٣,٠٠٠	٢١٤,٠٢٠	٥٨١	٢١٣,٧١٩		١,٩٣٦	٧٢,٥٥٦	٢,٨٦٦	٨٧,٧٦٩	٢٩٠,١٦٥
اليونان	١٠,٤٨٢,٠٠٠	٢٧,٧٦٠	٣٧٩	٢٧,٦٦١		٤١٣	٥,٠٠٣	٣٤٠	٦,٧٦٣	٤٣,٥٨٤
٣٣ بلداً آخر		٢١٦,٣١٣		٢١٠,٥١٥	١,٤	٣,٩٠١	٤٨,٣٥٣	٢,٨٥٩	٨٥,٩٩٢	٣٢٩,١٨١
المجموع العام (٢٤٠ بلداً)		٩,٠٤٣,٤٦٠		٨,٨٢٨,١٢٤	٢,٤	٢٩٦,٢٦٧	١,٦٧٩,٠٣٦	١١٨,٧٦٧	٧,٤٨٠,١٤٦	٢١,١١٩,٤٤٣
